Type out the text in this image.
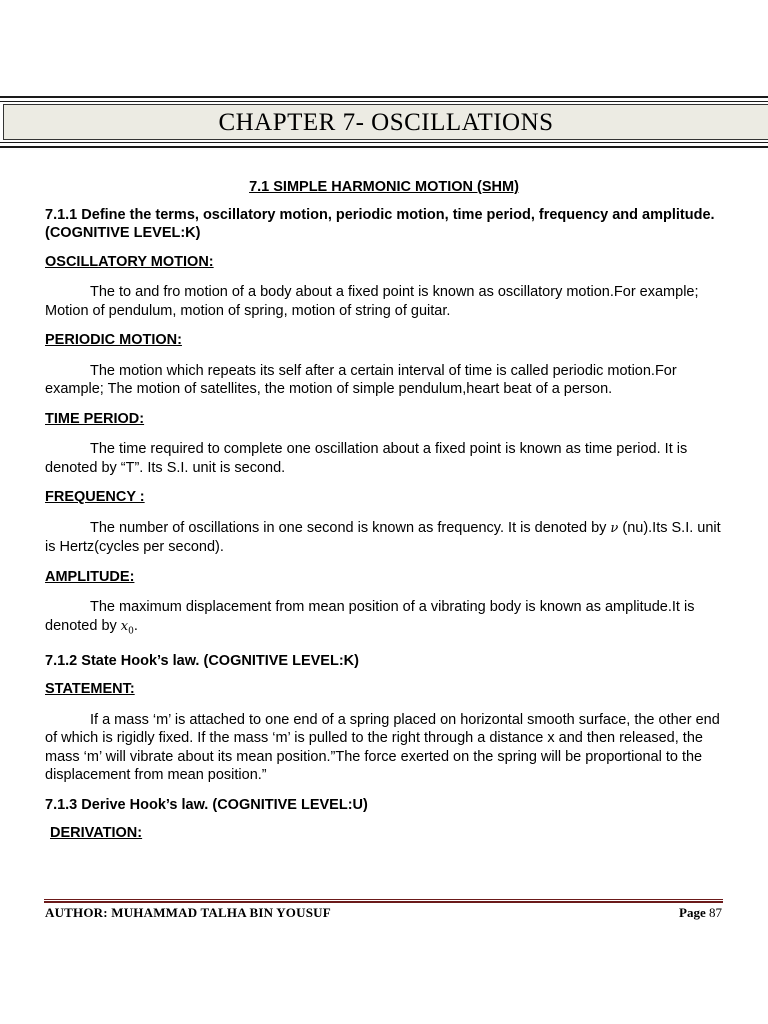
CHAPTER 7- OSCILLATIONS
7.1 SIMPLE HARMONIC MOTION (SHM)
7.1.1 Define the terms, oscillatory motion, periodic motion, time period, frequency and amplitude. (COGNITIVE LEVEL:K)
OSCILLATORY MOTION:
The to and fro motion of a body about a fixed point is known as oscillatory motion.For example; Motion of pendulum, motion of spring, motion of string of guitar.
PERIODIC MOTION:
The motion which repeats its self after a certain interval of time is called periodic motion.For example; The motion of satellites, the motion of simple pendulum,heart beat of a person.
TIME PERIOD:
The time required to complete one oscillation about a fixed point is known as time period. It is denoted by “T”. Its S.I. unit is second.
FREQUENCY :
The number of oscillations in one second is known as frequency. It is denoted by ν (nu).Its S.I. unit is Hertz(cycles per second).
AMPLITUDE:
The maximum displacement from mean position of a vibrating body is known as amplitude.It is denoted by $x_0$.
7.1.2 State Hook’s law. (COGNITIVE LEVEL:K)
STATEMENT:
If a mass ‘m’ is attached to one end of a spring placed on horizontal smooth surface, the other end of which is rigidly fixed. If the mass ‘m’ is pulled to the right through a distance x and then released, the mass ‘m’ will vibrate about its mean position.”The force exerted on the spring will be proportional to the displacement from mean position.”
7.1.3 Derive Hook’s law. (COGNITIVE LEVEL:U)
DERIVATION:
AUTHOR: MUHAMMAD TALHA BIN YOUSUF	Page 87
